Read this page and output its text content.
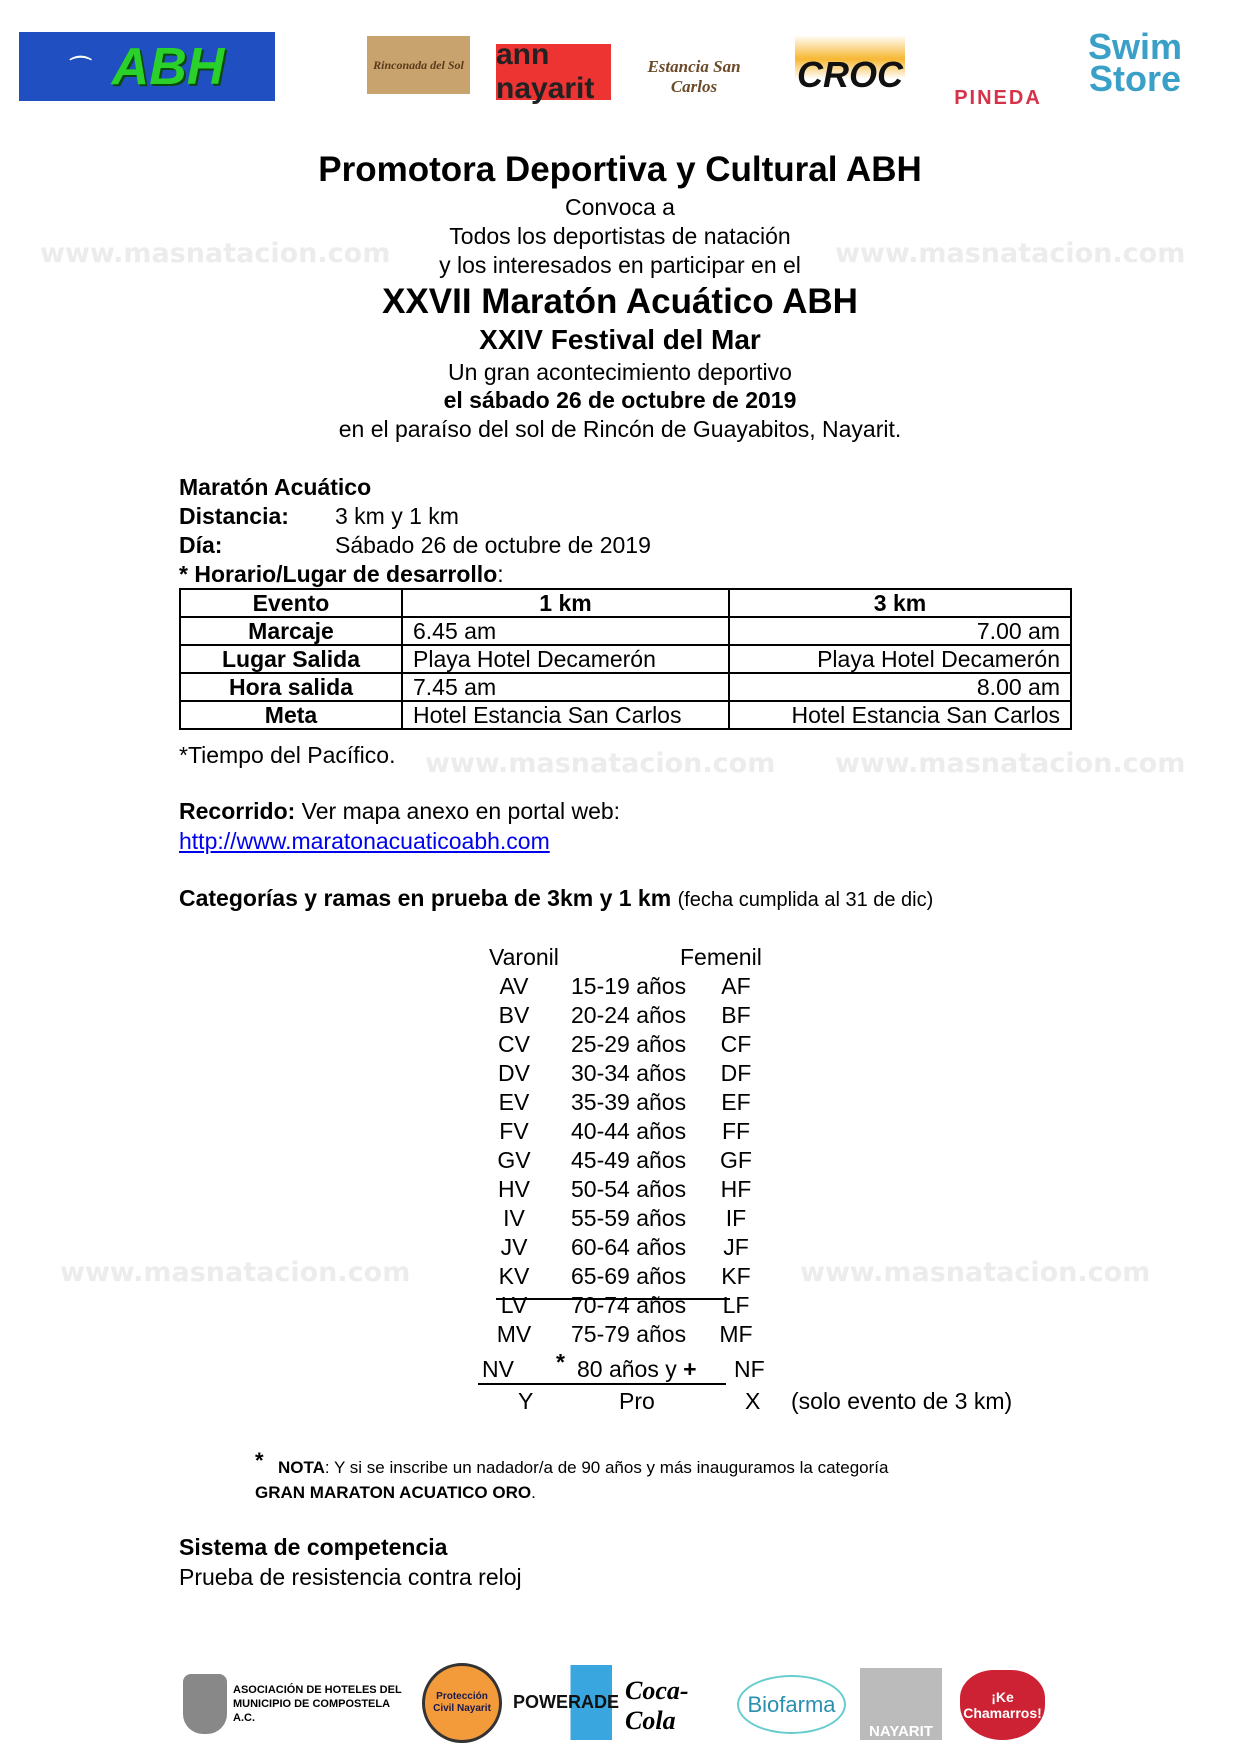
www.masnatacion.com	www.masnatacion.com
www.masnatacion.com www.masnatacion.com
www.masnatacion.com	www.masnatacion.com
⌒ ABH	Rinconada del Sol ann nayarit
Estancia San Carlos	CROC
PINEDA
Swim Store
Promotora Deportiva y Cultural ABH
Convoca a
Todos los deportistas de natación
y los interesados en participar en el
XXVII Maratón Acuático ABH
XXIV Festival del Mar
Un gran acontecimiento deportivo
el sábado 26 de octubre de 2019
en el paraíso del sol de Rincón de Guayabitos, Nayarit.
Maratón Acuático
Distancia: 3 km y 1 km
Día:	Sábado 26 de octubre de 2019
* Horario/Lugar de desarrollo:
Evento	1 km	3 km
Marcaje	6.45 am	7.00 am
Lugar Salida	Playa Hotel Decamerón	Playa Hotel Decamerón
Hora salida	7.45 am	8.00 am
Meta	Hotel Estancia San Carlos	Hotel Estancia San Carlos
*Tiempo del Pacífico.
Recorrido: Ver mapa anexo en portal web:
http://www.maratonacuaticoabh.com
Categorías y ramas en prueba de 3km y 1 km (fecha cumplida al 31 de dic)
Varonil	Femenil
AV	15-19 años	AF
BV	20-24 años	BF
CV	25-29 años	CF
DV	30-34 años	DF
EV	35-39 años	EF
FV	40-44 años	FF
GV	45-49 años	GF
HV	50-54 años	HF
IV	55-59 años	IF
JV	60-64 años	JF
KV	65-69 años	KF
LV	70-74 años	LF
MV	75-79 años	MF
NV * 80 años y + NF
Y	Pro	X (solo evento de 3 km)
* NOTA: Y si se inscribe un nadador/a de 90 años y más inauguramos la categoría
GRAN MARATON ACUATICO ORO.
Sistema de competencia
Prueba de resistencia contra reloj
ASOCIACIÓN DE HOTELES DEL MUNICIPIO DE COMPOSTELA A.C.
Protección Civil Nayarit	POWERADE Coca-Cola
Biofarma
NAYARIT
¡Ke Chamarros!
